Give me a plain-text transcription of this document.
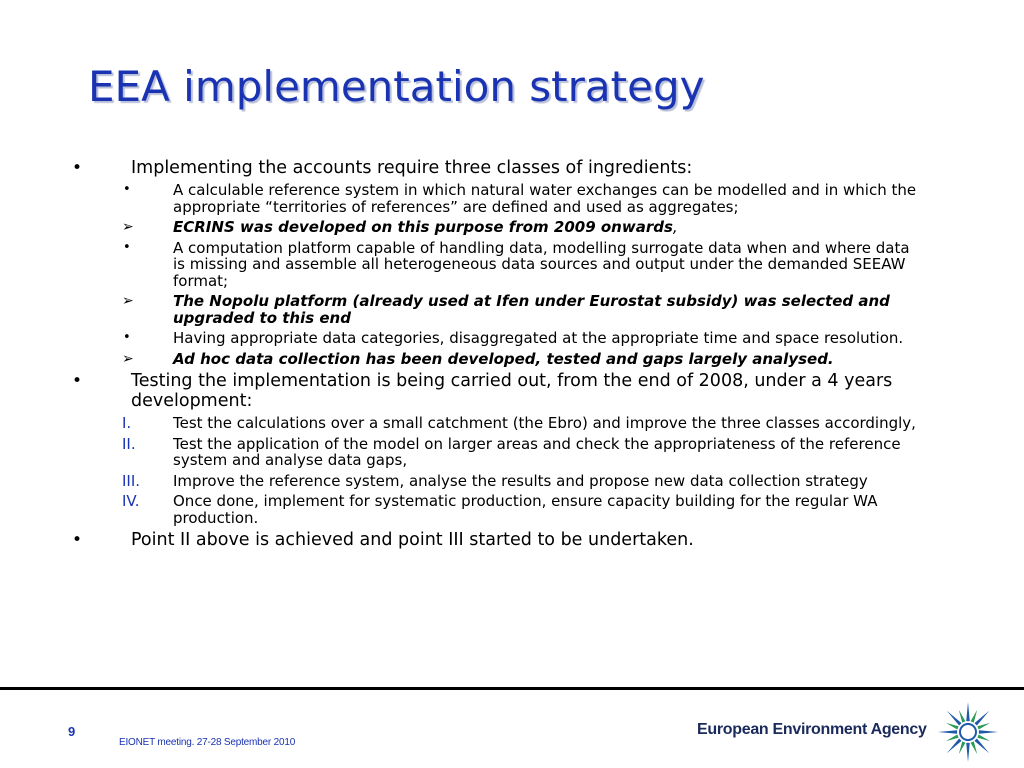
EEA implementation strategy
•	Implementing the accounts require three classes of ingredients:
•	A calculable reference system in which natural water exchanges can be modelled and in which the appropriate “territories of references” are defined and used as aggregates;
➢	ECRINS was developed on this purpose from 2009 onwards,
•	A computation platform capable of handling data, modelling surrogate data when and where data is missing and assemble all heterogeneous data sources and output under the demanded SEEAW format;
➢	The Nopolu platform (already used at Ifen under Eurostat subsidy) was selected and upgraded to this end
•	Having appropriate data categories, disaggregated at the appropriate time and space resolution.
➢	Ad hoc data collection has been developed, tested and gaps largely analysed.
•	Testing the implementation is being carried out, from the end of 2008, under a 4 years development:
I.	Test the calculations over a small catchment (the Ebro) and improve the three classes accordingly,
II. Test the application of the model on larger areas and check the appropriateness of the reference system and analyse data gaps,
III. Improve the reference system, analyse the results and propose new data collection strategy
IV. Once done, implement for systematic production, ensure capacity building for the regular WA production.
•	Point II above is achieved and point III started to be undertaken.
9
EIONET meeting. 27-28 September 2010
European Environment Agency
